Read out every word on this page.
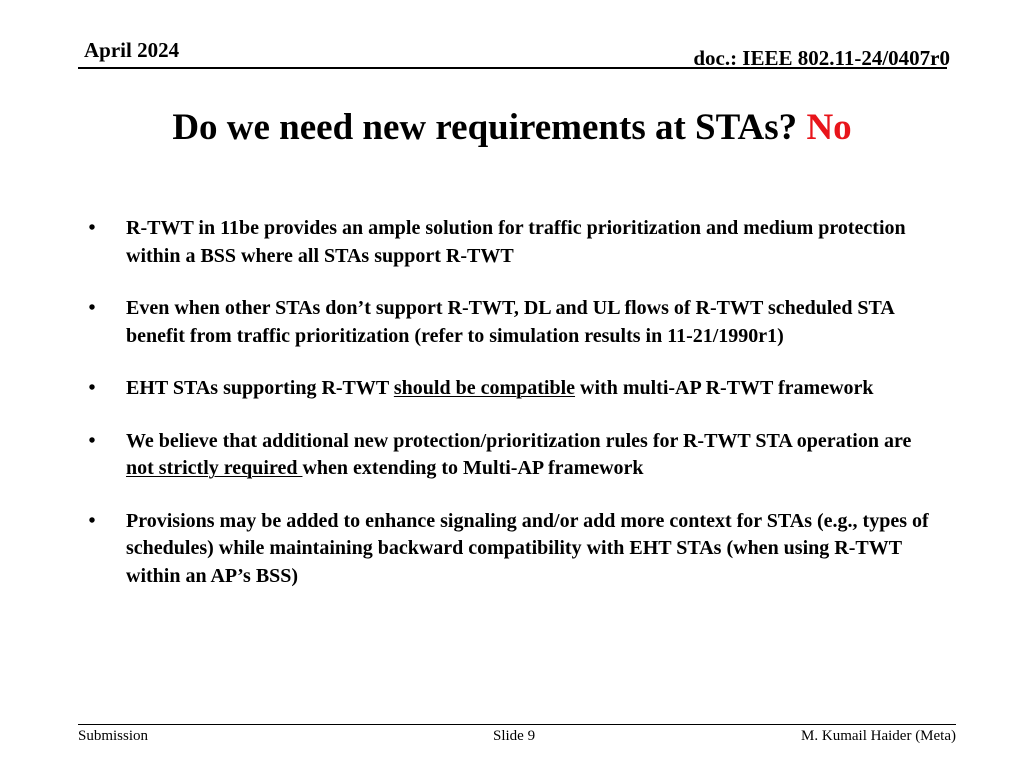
April 2024	doc.: IEEE 802.11-24/0407r0
Do we need new requirements at STAs? No
• R-TWT in 11be provides an ample solution for traffic prioritization and medium protection within a BSS where all STAs support R-TWT
• Even when other STAs don’t support R-TWT, DL and UL flows of R-TWT scheduled STA benefit from traffic prioritization (refer to simulation results in 11-21/1990r1)
• EHT STAs supporting R-TWT should be compatible with multi-AP R-TWT framework
• We believe that additional new protection/prioritization rules for R-TWT STA operation are not strictly required when extending to Multi-AP framework
• Provisions may be added to enhance signaling and/or add more context for STAs (e.g., types of schedules) while maintaining backward compatibility with EHT STAs (when using R-TWT within an AP’s BSS)
Submission	Slide 9	M. Kumail Haider (Meta)
